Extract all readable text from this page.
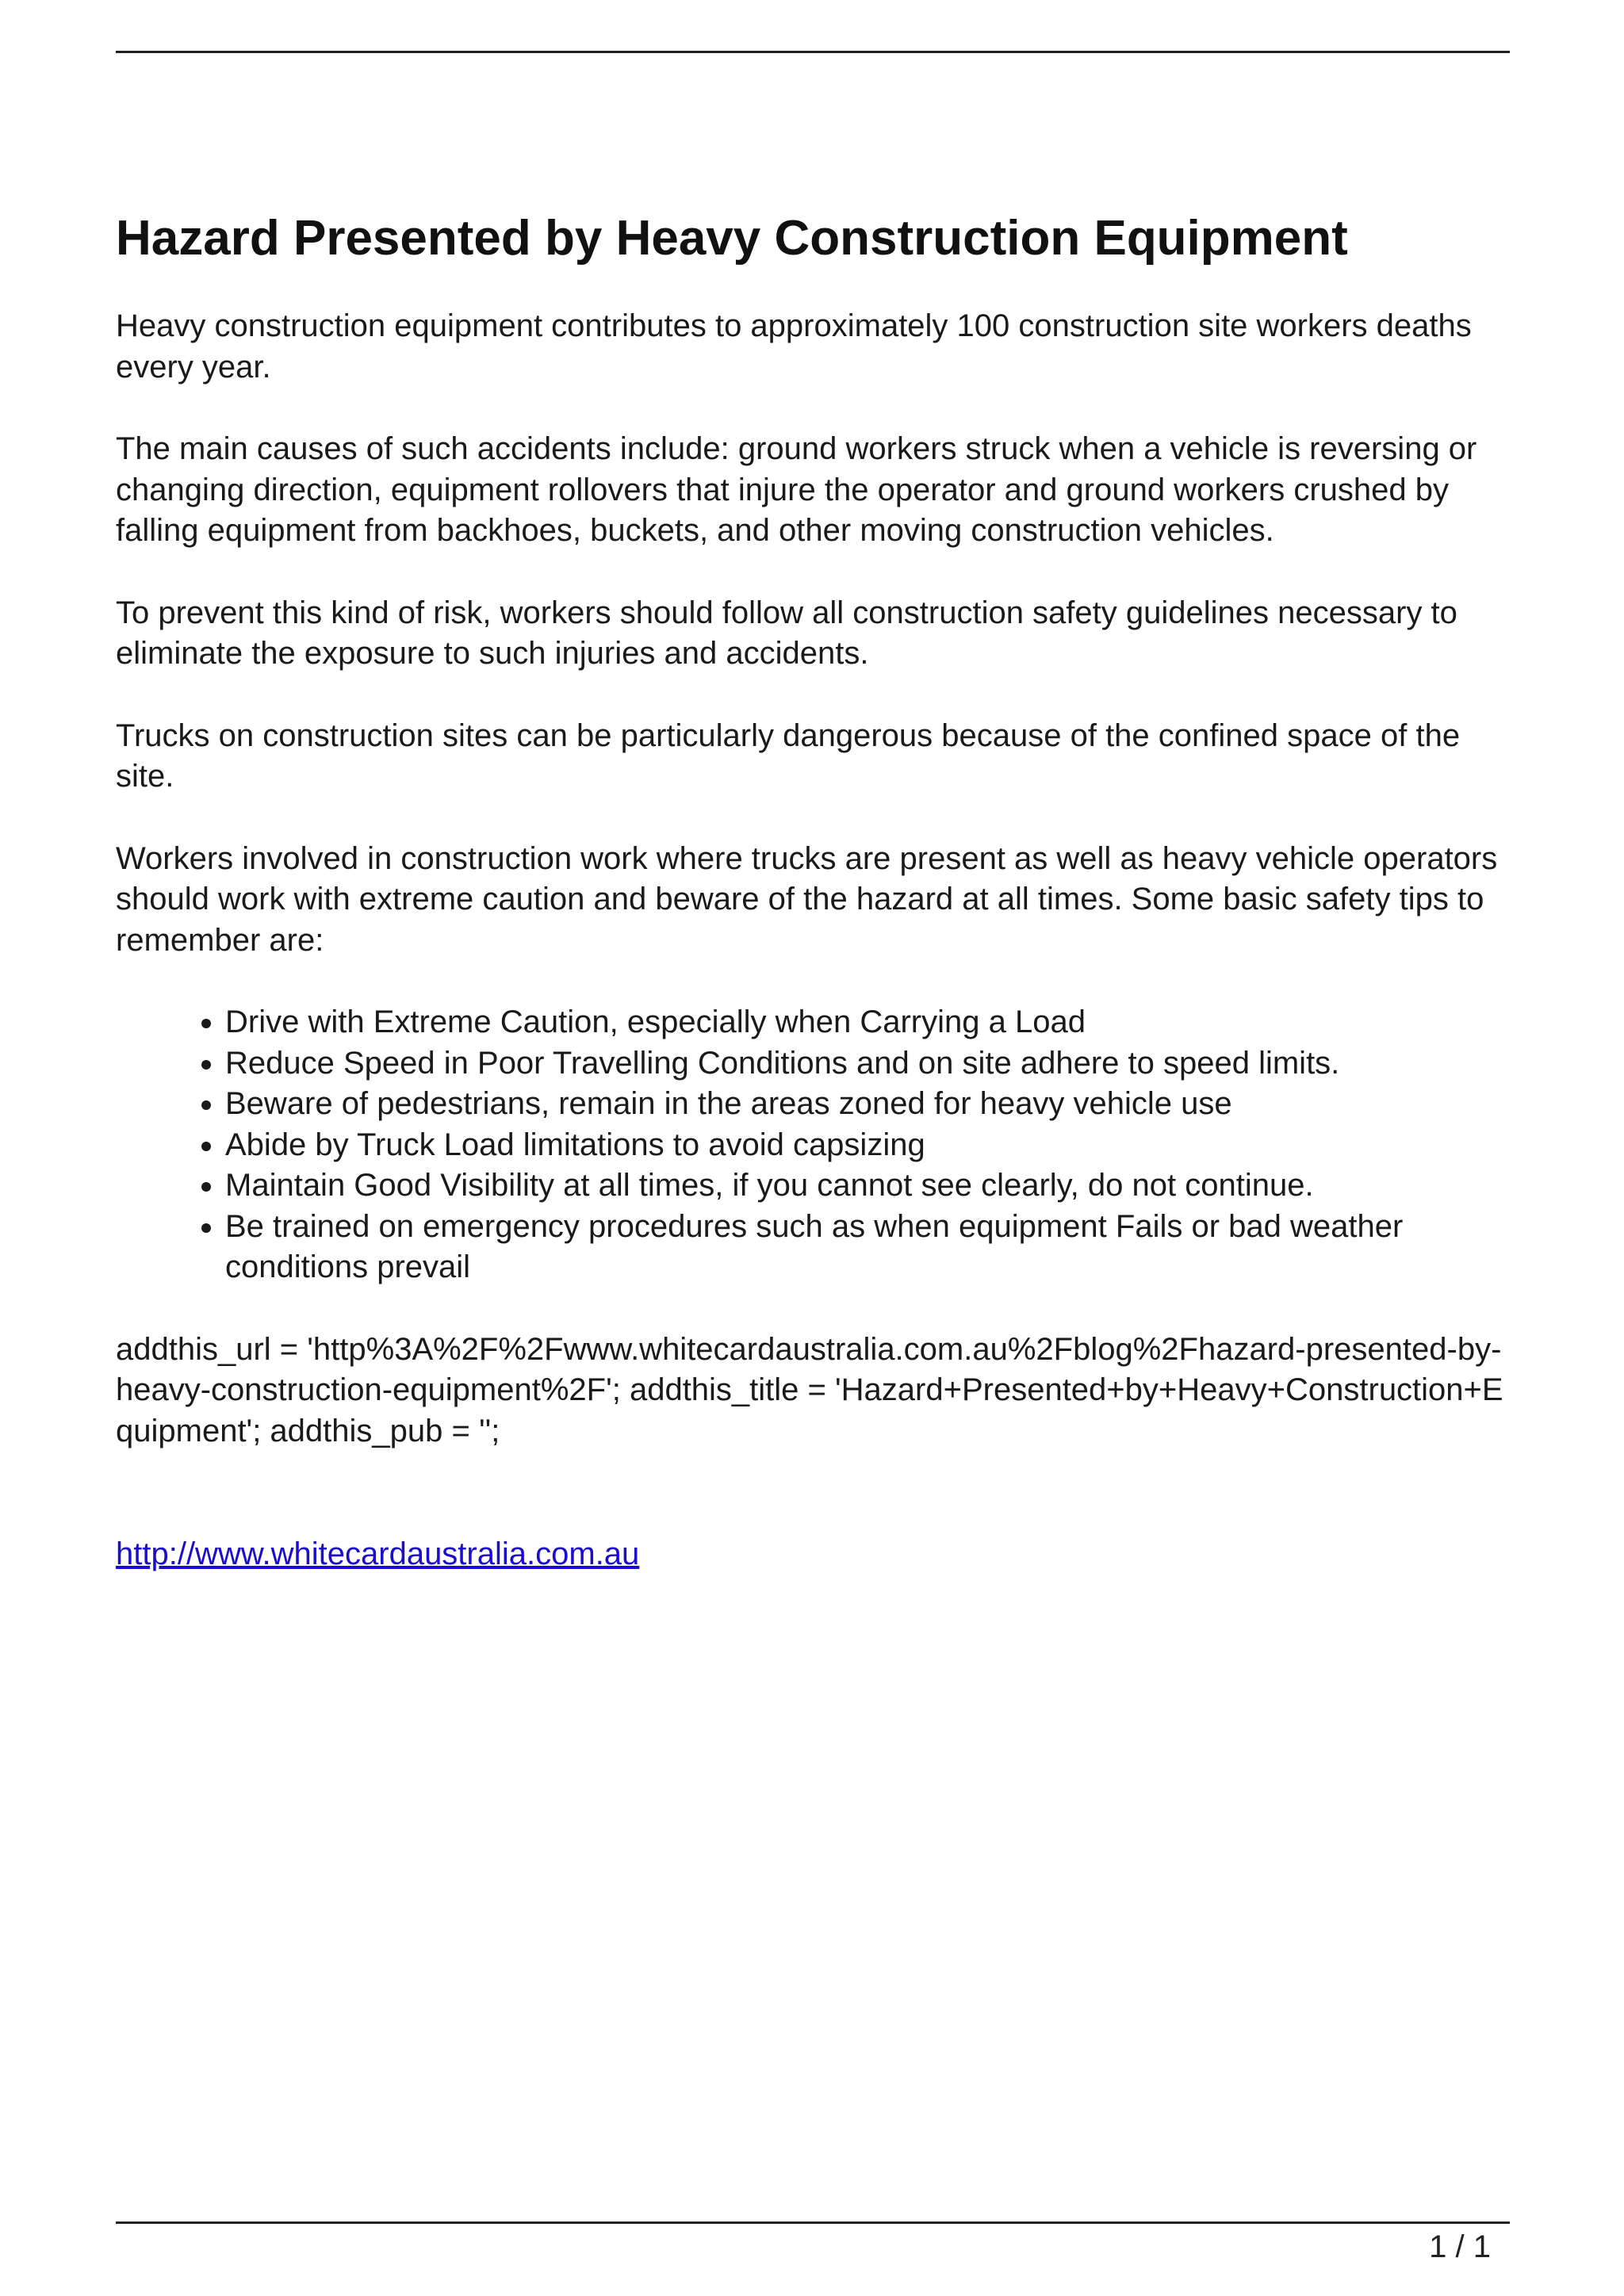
Hazard Presented by Heavy Construction Equipment

Heavy construction equipment contributes to approximately 100 construction site workers deaths every year.

The main causes of such accidents include: ground workers struck when a vehicle is reversing or changing direction, equipment rollovers that injure the operator and ground workers crushed by falling equipment from backhoes, buckets, and other moving construction vehicles.

To prevent this kind of risk, workers should follow all construction safety guidelines necessary to eliminate the exposure to such injuries and accidents.

Trucks on construction sites can be particularly dangerous because of the confined space of the site.

Workers involved in construction work where trucks are present as well as heavy vehicle operators should work with extreme caution and beware of the hazard at all times. Some basic safety tips to remember are:

• Drive with Extreme Caution, especially when Carrying a Load
• Reduce Speed in Poor Travelling Conditions and on site adhere to speed limits.
• Beware of pedestrians, remain in the areas zoned for heavy vehicle use
• Abide by Truck Load limitations to avoid capsizing
• Maintain Good Visibility at all times, if you cannot see clearly, do not continue.
• Be trained on emergency procedures such as when equipment Fails or bad weather conditions prevail
addthis_url = 'http%3A%2F%2Fwww.whitecardaustralia.com.au%2Fblog%2Fhazard-presented-by-heavy-construction-equipment%2F'; addthis_title = 'Hazard+Presented+by+Heavy+Construction+Equipment'; addthis_pub = '';
http://www.whitecardaustralia.com.au
1 / 1
